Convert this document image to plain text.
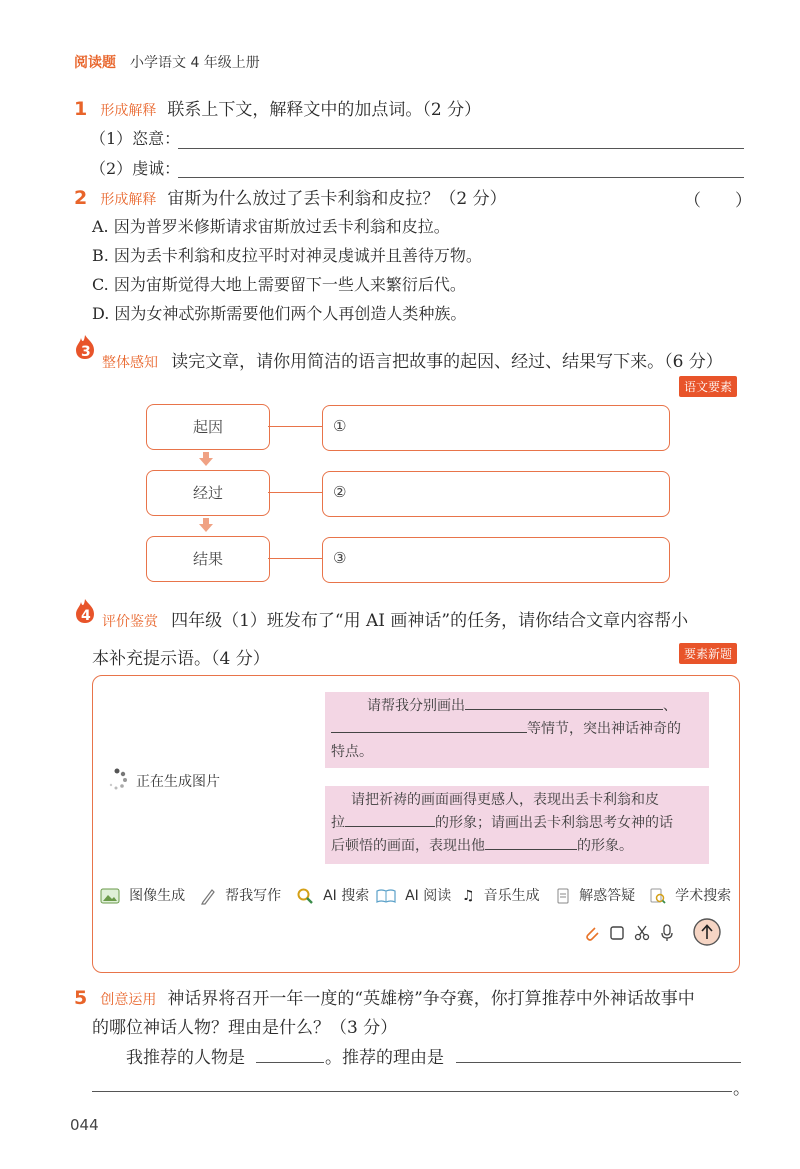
阅读题 小学语文 4 年级上册
1 形成解释 联系上下文，解释文中的加点词。（2 分）
（1）恣意：
（2）虔诚：
2 形成解释 宙斯为什么放过了丢卡利翁和皮拉？（2 分）	（　　）
A. 因为普罗米修斯请求宙斯放过丢卡利翁和皮拉。
B. 因为丢卡利翁和皮拉平时对神灵虔诚并且善待万物。
C. 因为宙斯觉得大地上需要留下一些人来繁衍后代。
D. 因为女神忒弥斯需要他们两个人再创造人类种族。
3
整体感知 读完文章，请你用简洁的语言把故事的起因、经过、结果写下来。（6 分）
语文要素
起因	①
经过	②
结果	③
4 评价鉴赏 四年级（1）班发布了“用 AI 画神话”的任务，请你结合文章内容帮小
本补充提示语。（4 分）	要素新题
正在生成图片
请帮我分别画出	、
等情节，突出神话神奇的
特点。
请把祈祷的画面画得更感人，表现出丢卡利翁和皮
拉	的形象；请画出丢卡利翁思考女神的话
后顿悟的画面，表现出他	的形象。
图像生成	帮我写作	AI 搜索	AI 阅读 ♫ 音乐生成	解惑答疑	学术搜索
5 创意运用 神话界将召开一年一度的“英雄榜”争夺赛，你打算推荐中外神话故事中
的哪位神话人物？理由是什么？（3 分）
我推荐的人物是	。推荐的理由是
。
044
